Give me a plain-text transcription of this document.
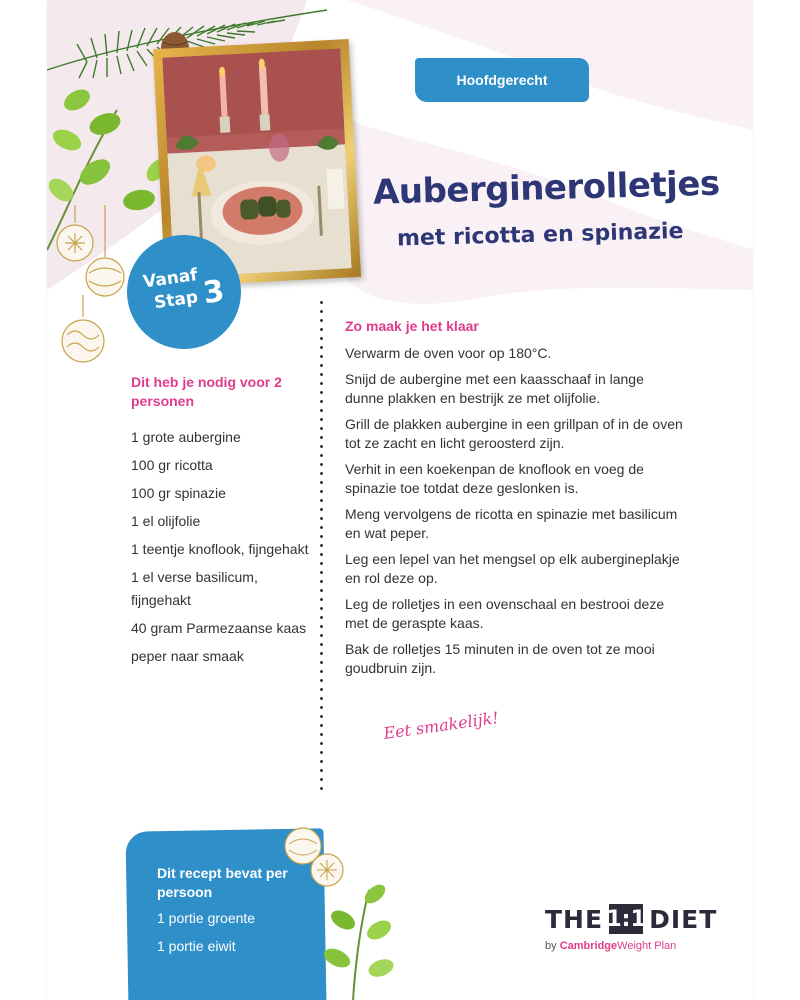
Hoofdgerecht
Vanaf
Stap 3
Auberginerolletjes
met ricotta en spinazie
Dit heb je nodig voor 2 personen
1 grote aubergine
100 gr ricotta
100 gr spinazie
1 el olijfolie
1 teentje knoflook, fijngehakt
1 el verse basilicum, fijngehakt
40 gram Parmezaanse kaas
peper naar smaak
Zo maak je het klaar
Verwarm de oven voor op 180°C.
Snijd de aubergine met een kaasschaaf in lange dunne plakken en bestrijk ze met olijfolie.
Grill de plakken aubergine in een grillpan of in de oven tot ze zacht en licht geroosterd zijn.
Verhit in een koekenpan de knoflook en voeg de spinazie toe totdat deze geslonken is.
Meng vervolgens de ricotta en spinazie met basilicum en wat peper.
Leg een lepel van het mengsel op elk aubergineplakje en rol deze op.
Leg de rolletjes in een ovenschaal en bestrooi deze met de geraspte kaas.
Bak de rolletjes 15 minuten in de oven tot ze mooi goudbruin zijn.
Eet smakelijk!
Dit recept bevat per persoon
1 portie groente
1 portie eiwit
THE 1:1 DIET
by CambridgeWeight Plan
